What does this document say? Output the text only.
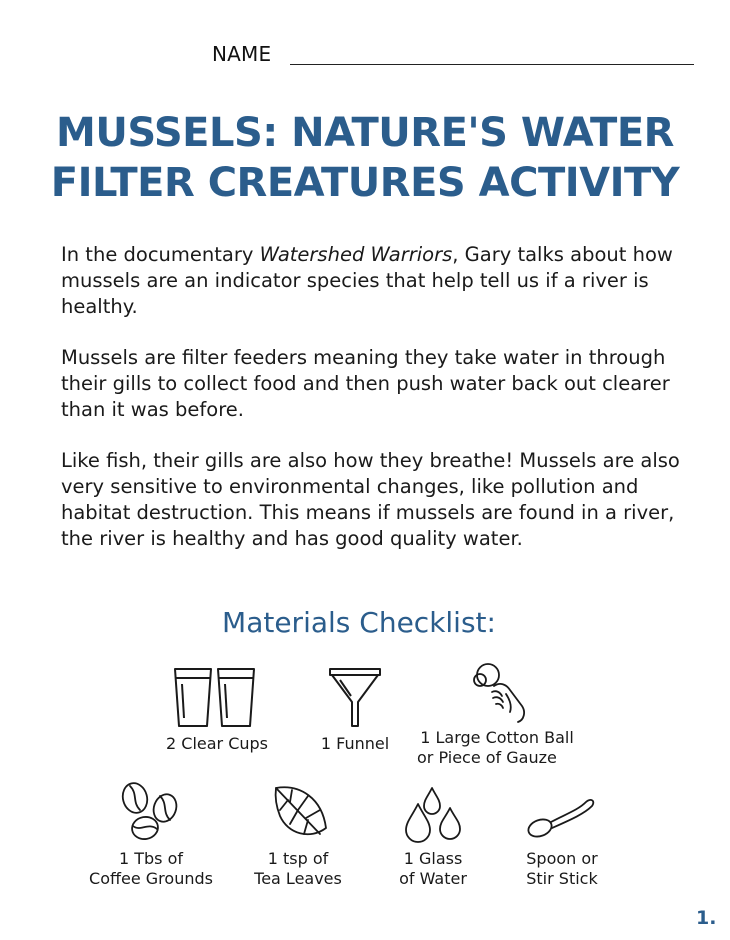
NAME
MUSSELS: NATURE'S WATER
FILTER CREATURES ACTIVITY
In the documentary Watershed Warriors, Gary talks about how mussels are an indicator species that help tell us if a river is healthy.
Mussels are filter feeders meaning they take water in through their gills to collect food and then push water back out clearer than it was before.
Like fish, their gills are also how they breathe! Mussels are also very sensitive to environmental changes, like pollution and habitat destruction. This means if mussels are found in a river, the river is healthy and has good quality water.
Materials Checklist:
2 Clear Cups	1 Funnel	1 Large Cotton Ball
or Piece of Gauze
1 Tbs of
Coffee Grounds
1 tsp of
Tea Leaves
1 Glass
of Water
Spoon or
Stir Stick
1.
